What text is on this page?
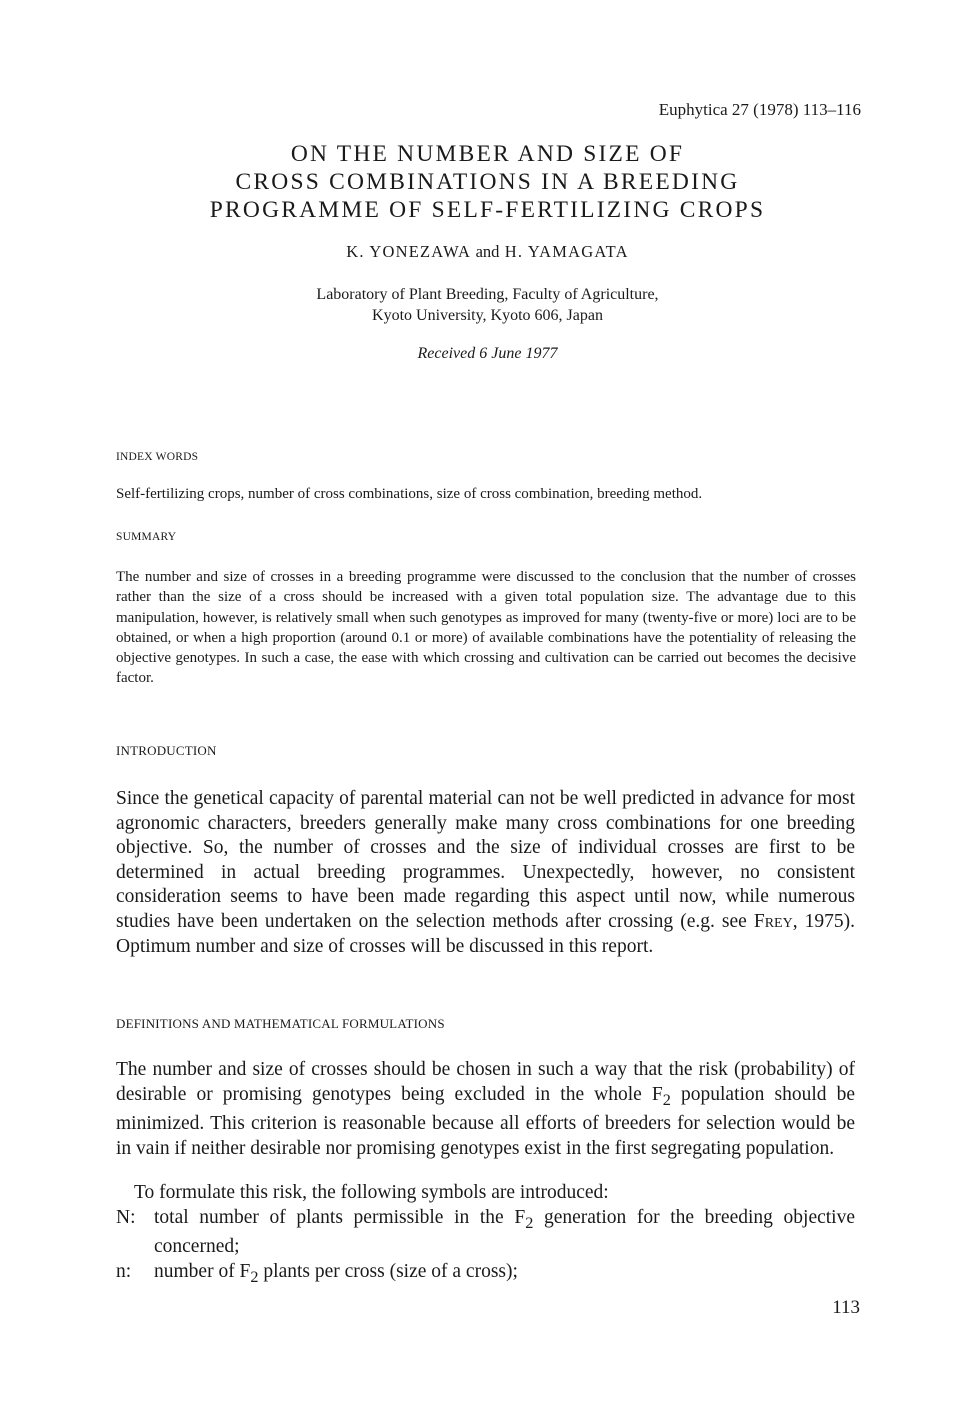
Euphytica 27 (1978) 113–116
ON THE NUMBER AND SIZE OF
CROSS COMBINATIONS IN A BREEDING
PROGRAMME OF SELF-FERTILIZING CROPS
K. YONEZAWA and H. YAMAGATA
Laboratory of Plant Breeding, Faculty of Agriculture,
Kyoto University, Kyoto 606, Japan
Received 6 June 1977
INDEX WORDS
Self-fertilizing crops, number of cross combinations, size of cross combination, breeding method.
SUMMARY
The number and size of crosses in a breeding programme were discussed to the conclusion that the number of crosses rather than the size of a cross should be increased with a given total population size. The advantage due to this manipulation, however, is relatively small when such genotypes as improved for many (twenty-five or more) loci are to be obtained, or when a high proportion (around 0.1 or more) of available combinations have the potentiality of releasing the objective genotypes. In such a case, the ease with which crossing and cultivation can be carried out becomes the decisive factor.
INTRODUCTION
Since the genetical capacity of parental material can not be well predicted in advance for most agronomic characters, breeders generally make many cross combinations for one breeding objective. So, the number of crosses and the size of individual crosses are first to be determined in actual breeding programmes. Unexpectedly, however, no consistent consideration seems to have been made regarding this aspect until now, while numerous studies have been undertaken on the selection methods after crossing (e.g. see Frey, 1975). Optimum number and size of crosses will be discussed in this report.
DEFINITIONS AND MATHEMATICAL FORMULATIONS
The number and size of crosses should be chosen in such a way that the risk (probability) of desirable or promising genotypes being excluded in the whole $F_2$ population should be minimized. This criterion is reasonable because all efforts of breeders for selection would be in vain if neither desirable nor promising genotypes exist in the first segregating population.
To formulate this risk, the following symbols are introduced:
N: total number of plants permissible in the $F_2$ generation for the breeding objective concerned;
n:	number of $F_2$ plants per cross (size of a cross);
113
